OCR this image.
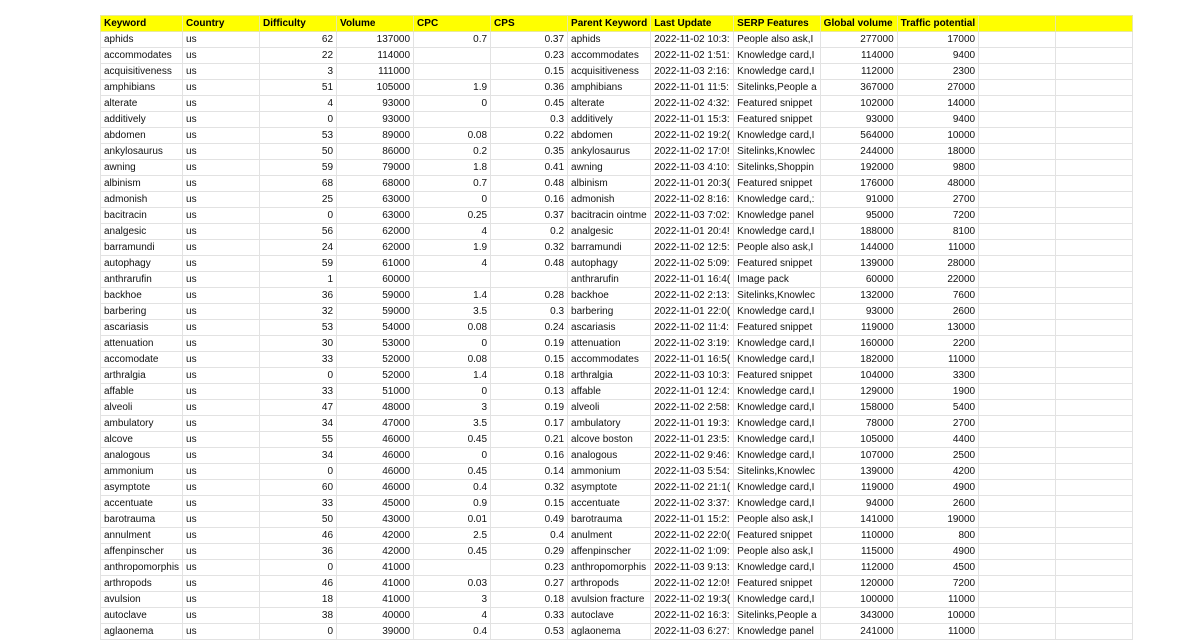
Keyword	Country	Difficulty	Volume	CPC	CPS	Parent Keyword	Last Update	SERP Features	Global volume	Traffic potential		
aphids	us	62	137000	0.7	0.37	aphids	2022-11-02 10:3:	People also ask,I	277000	17000		
accommodates	us	22	114000		0.23	accommodates	2022-11-02 1:51:	Knowledge card,I	114000	9400		
acquisitiveness	us	3	111000		0.15	acquisitiveness	2022-11-03 2:16:	Knowledge card,I	112000	2300		
amphibians	us	51	105000	1.9	0.36	amphibians	2022-11-01 11:5:	Sitelinks,People a	367000	27000		
alterate	us	4	93000	0	0.45	alterate	2022-11-02 4:32:	Featured snippet	102000	14000		
additively	us	0	93000		0.3	additively	2022-11-01 15:3:	Featured snippet	93000	9400		
abdomen	us	53	89000	0.08	0.22	abdomen	2022-11-02 19:2(	Knowledge card,I	564000	10000		
ankylosaurus	us	50	86000	0.2	0.35	ankylosaurus	2022-11-02 17:0!	Sitelinks,Knowlec	244000	18000		
awning	us	59	79000	1.8	0.41	awning	2022-11-03 4:10:	Sitelinks,Shoppin	192000	9800		
albinism	us	68	68000	0.7	0.48	albinism	2022-11-01 20:3(	Featured snippet	176000	48000		
admonish	us	25	63000	0	0.16	admonish	2022-11-02 8:16:	Knowledge card,:	91000	2700		
bacitracin	us	0	63000	0.25	0.37	bacitracin ointme	2022-11-03 7:02:	Knowledge panel	95000	7200		
analgesic	us	56	62000	4	0.2	analgesic	2022-11-01 20:4!	Knowledge card,I	188000	8100		
barramundi	us	24	62000	1.9	0.32	barramundi	2022-11-02 12:5:	People also ask,I	144000	11000		
autophagy	us	59	61000	4	0.48	autophagy	2022-11-02 5:09:	Featured snippet	139000	28000		
anthrarufin	us	1	60000			anthrarufin	2022-11-01 16:4(	Image pack	60000	22000		
backhoe	us	36	59000	1.4	0.28	backhoe	2022-11-02 2:13:	Sitelinks,Knowlec	132000	7600		
barbering	us	32	59000	3.5	0.3	barbering	2022-11-01 22:0(	Knowledge card,I	93000	2600		
ascariasis	us	53	54000	0.08	0.24	ascariasis	2022-11-02 11:4:	Featured snippet	119000	13000		
attenuation	us	30	53000	0	0.19	attenuation	2022-11-02 3:19:	Knowledge card,I	160000	2200		
accomodate	us	33	52000	0.08	0.15	accommodates	2022-11-01 16:5(	Knowledge card,I	182000	11000		
arthralgia	us	0	52000	1.4	0.18	arthralgia	2022-11-03 10:3:	Featured snippet	104000	3300		
affable	us	33	51000	0	0.13	affable	2022-11-01 12:4:	Knowledge card,I	129000	1900		
alveoli	us	47	48000	3	0.19	alveoli	2022-11-02 2:58:	Knowledge card,I	158000	5400		
ambulatory	us	34	47000	3.5	0.17	ambulatory	2022-11-01 19:3:	Knowledge card,I	78000	2700		
alcove	us	55	46000	0.45	0.21	alcove boston	2022-11-01 23:5:	Knowledge card,I	105000	4400		
analogous	us	34	46000	0	0.16	analogous	2022-11-02 9:46:	Knowledge card,I	107000	2500		
ammonium	us	0	46000	0.45	0.14	ammonium	2022-11-03 5:54:	Sitelinks,Knowlec	139000	4200		
asymptote	us	60	46000	0.4	0.32	asymptote	2022-11-02 21:1(	Knowledge card,I	119000	4900		
accentuate	us	33	45000	0.9	0.15	accentuate	2022-11-02 3:37:	Knowledge card,I	94000	2600		
barotrauma	us	50	43000	0.01	0.49	barotrauma	2022-11-01 15:2:	People also ask,I	141000	19000		
annulment	us	46	42000	2.5	0.4	anulment	2022-11-02 22:0(	Featured snippet	110000	800		
affenpinscher	us	36	42000	0.45	0.29	affenpinscher	2022-11-02 1:09:	People also ask,I	115000	4900		
anthropomorphis	us	0	41000		0.23	anthropomorphis	2022-11-03 9:13:	Knowledge card,I	112000	4500		
arthropods	us	46	41000	0.03	0.27	arthropods	2022-11-02 12:0!	Featured snippet	120000	7200		
avulsion	us	18	41000	3	0.18	avulsion fracture	2022-11-02 19:3(	Knowledge card,I	100000	11000		
autoclave	us	38	40000	4	0.33	autoclave	2022-11-02 16:3:	Sitelinks,People a	343000	10000		
aglaonema	us	0	39000	0.4	0.53	aglaonema	2022-11-03 6:27:	Knowledge panel	241000	11000		
